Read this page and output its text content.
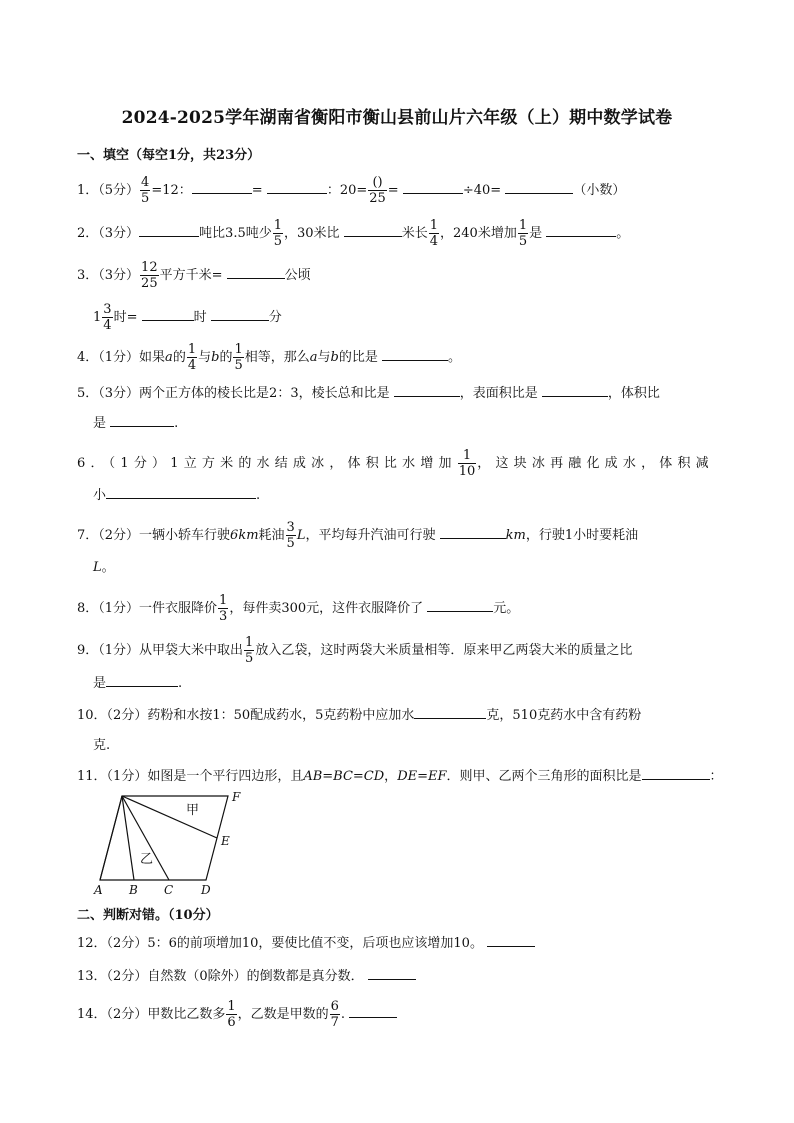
2024-2025学年湖南省衡阳市衡山县前山片六年级（上）期中数学试卷
一、填空（每空1分，共23分）
1．（5分） $\frac{4}{5} =12$：	=	：$20= \frac{()}{25}$ =	÷40=	（小数）
2．（3分）	吨比3.5吨少 $\frac{1}{5}$ ，30米比	米长 $\frac{1}{4}$ ，240米增加 $\frac{1}{5}$ 是	。
3．（3分） $\frac{12}{25}$ 平方千米=	公顷
$1 \frac{3}{4}$ 时=	时	分
4．（1分）如果a的 $\frac{1}{4}$ 与b的 $\frac{1}{5}$ 相等，那么a与b的比是	。
5．（3分）两个正方体的棱长比是2：3，棱长总和比是	，表面积比是	，体积比
是	.
6．（1分）1立方米的水结成冰，体积比水增加 $\frac{1}{10}$ ，这块冰再融化成水，体积减
小	.
7．（2分）一辆小轿车行驶6km耗油 $\frac{3}{5}$ L，平均每升汽油可行驶	km，行驶1小时要耗油
L。
8．（1分）一件衣服降价 $\frac{1}{3}$ ，每件卖300元，这件衣服降价了	元。
9．（1分）从甲袋大米中取出 $\frac{1}{5}$ 放入乙袋，这时两袋大米质量相等．原来甲乙两袋大米的质量之比
是	.
10．（2分）药粉和水按1：50配成药水，5克药粉中应加水	克，510克药水中含有药粉
克.
11．（1分）如图是一个平行四边形，且AB=BC=CD，DE=EF．则甲、乙两个三角形的面积比是	：
A B C D
E
F
甲
乙
二、判断对错。（10分）
12．（2分）5：6的前项增加10，要使比值不变，后项也应该增加10。
13．（2分）自然数（0除外）的倒数都是真分数．
14．（2分）甲数比乙数多 $\frac{1}{6}$ ，乙数是甲数的 $\frac{6}{7}$ .
